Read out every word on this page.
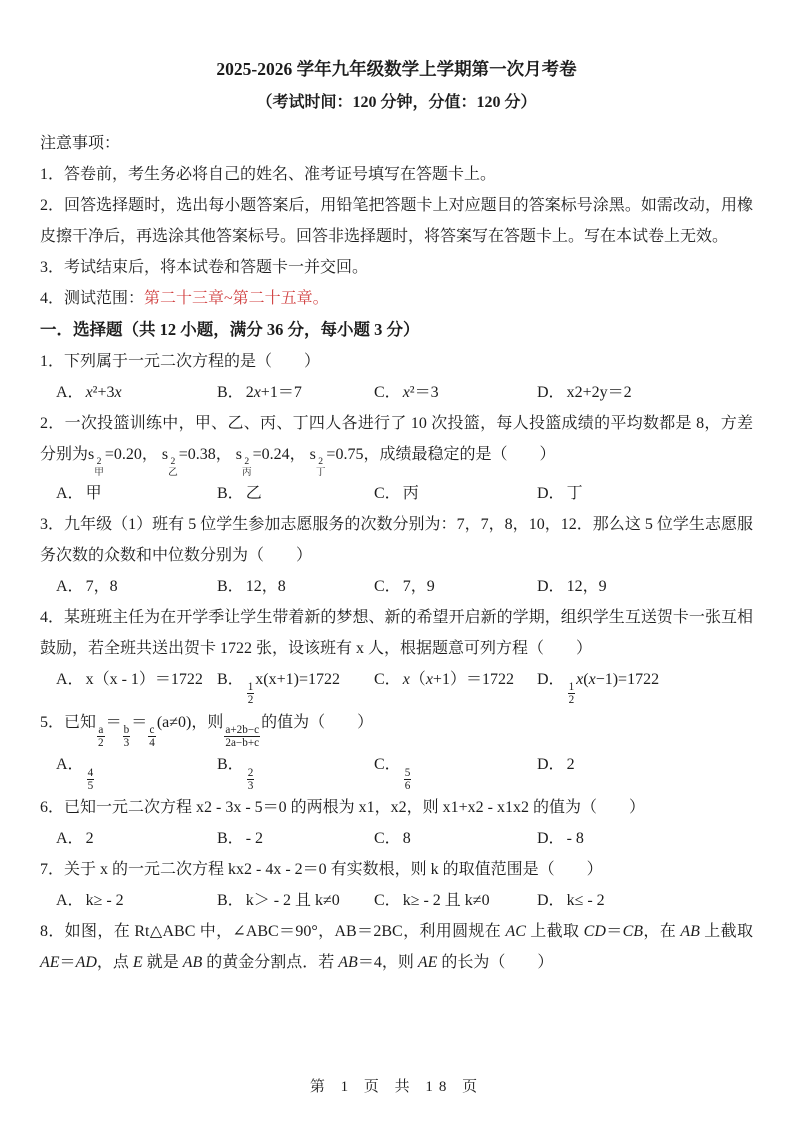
2025-2026 学年九年级数学上学期第一次月考卷
（考试时间：120 分钟，分值：120 分）

注意事项：

1．答卷前，考生务必将自己的姓名、准考证号填写在答题卡上。

2．回答选择题时，选出每小题答案后，用铅笔把答题卡上对应题目的答案标号涂黑。如需改动，用橡皮擦干净后，再选涂其他答案标号。回答非选择题时，将答案写在答题卡上。写在本试卷上无效。

3．考试结束后，将本试卷和答题卡一并交回。

4．测试范围：第二十三章~第二十五章。

一．选择题（共 12 小题，满分 36 分，每小题 3 分）

1．下列属于一元二次方程的是（　　）

A． x²+3x	B． 2x+1＝7	C． x²＝3	D． x2+2y＝2

2．一次投篮训练中，甲、乙、丙、丁四人各进行了 10 次投篮，每人投篮成绩的平均数都是 8，方差分别为s 2
甲
=0.20， s 2
乙
=0.38， s 2
丙
=0.24， s 2
丁
=0.75，成绩最稳定的是（　　）

A． 甲	B． 乙	C． 丙	D． 丁

3．九年级（1）班有 5 位学生参加志愿服务的次数分别为：7，7，8，10，12．那么这 5 位学生志愿服务次数的众数和中位数分别为（　　）

A． 7，8	B． 12，8	C． 7，9	D． 12，9

4．某班班主任为在开学季让学生带着新的梦想、新的希望开启新的学期，组织学生互送贺卡一张互相鼓励，若全班共送出贺卡 1722 张，设该班有 x 人，根据题意可列方程（　　）

A． x（x - 1）＝1722 B．
$\frac{1}{2}$
x(x+1)=1722	C． x（x+1）＝1722	D．
$\frac{1}{2}$
x(x−1)=1722

5．已知
$\frac{a}{2}$
＝
$\frac{b}{3}$
＝
$\frac{c}{4}$
(a≠0)，则
$\frac{a+2b-c}{2a-b+c}$
的值为（　　）

A．
$\frac{4}{5}$
B．
$\frac{2}{3}$
C．
$\frac{5}{6}$
D． 2

6．已知一元二次方程 x2 - 3x - 5＝0 的两根为 x1，x2，则 x1+x2 - x1x2 的值为（　　）

A． 2	B． - 2	C． 8	D． - 8

7．关于 x 的一元二次方程 kx2 - 4x - 2＝0 有实数根，则 k 的取值范围是（　　）

A． k≥ - 2	B． k＞ - 2 且 k≠0	C． k≥ - 2 且 k≠0	D． k≤ - 2

8．如图，在 Rt△ABC 中，∠ABC＝90°，AB＝2BC，利用圆规在 AC 上截取 CD＝CB，在 AB 上截取 AE＝AD，点 E 就是 AB 的黄金分割点．若 AB＝4，则 AE 的长为（　　）

第 1 页 共 18 页
